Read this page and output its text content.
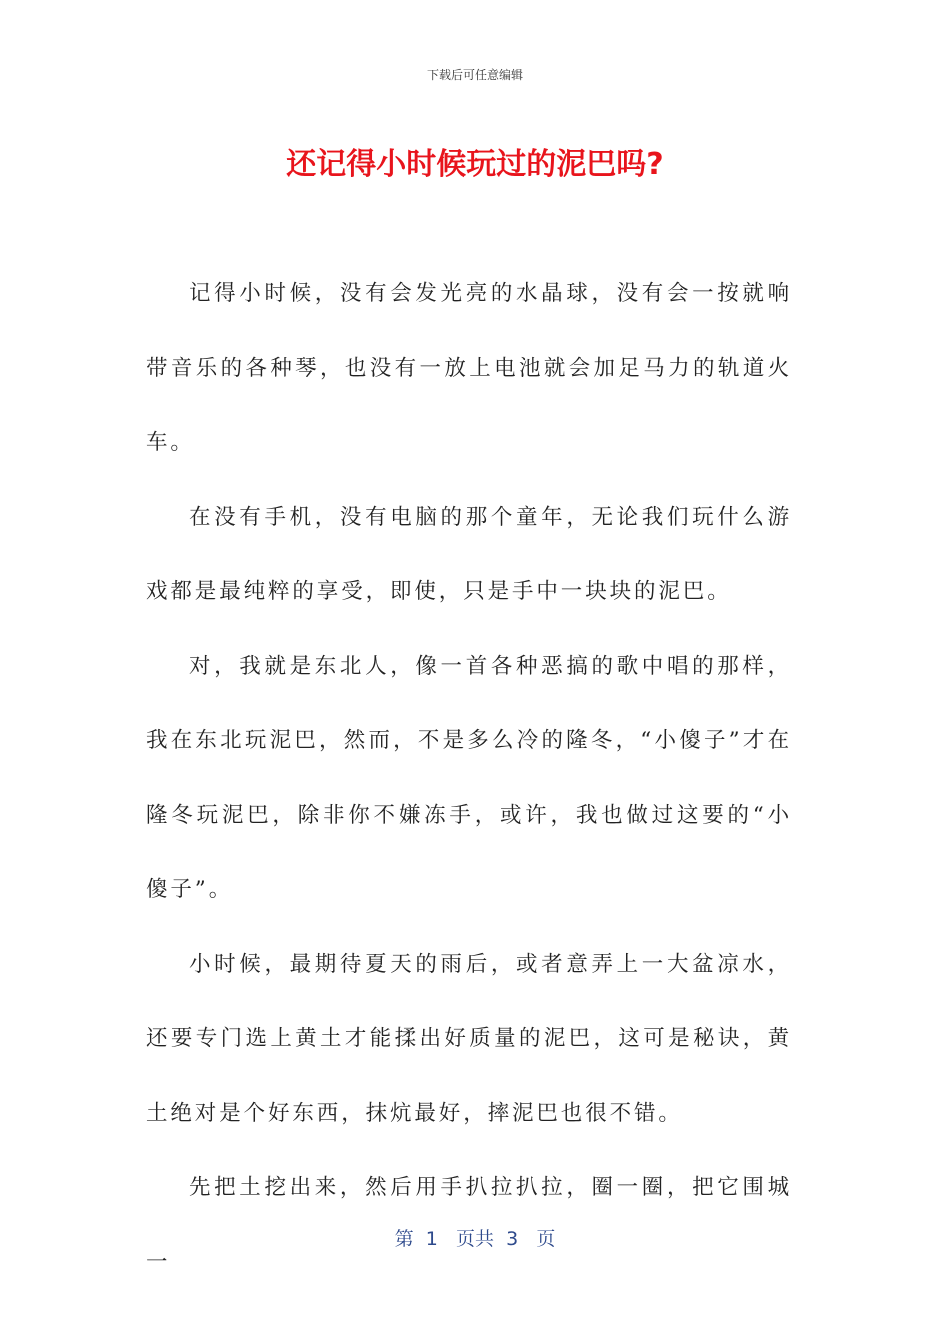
下载后可任意编辑
还记得小时候玩过的泥巴吗?

记得小时候，没有会发光亮的水晶球，没有会一按就响带音乐的各种琴，也没有一放上电池就会加足马力的轨道火车。

在没有手机，没有电脑的那个童年，无论我们玩什么游戏都是最纯粹的享受，即使，只是手中一块块的泥巴。

对，我就是东北人，像一首各种恶搞的歌中唱的那样，我在东北玩泥巴，然而，不是多么冷的隆冬，“小傻子”才在隆冬玩泥巴，除非你不嫌冻手，或许，我也做过这要的“小傻子”。

小时候，最期待夏天的雨后，或者意弄上一大盆凉水，还要专门选上黄土才能揉出好质量的泥巴，这可是秘诀，黄土绝对是个好东西，抹炕最好，摔泥巴也很不错。

先把土挖出来，然后用手扒拉扒拉，圈一圈，把它围城一

第 1 页共 3 页
